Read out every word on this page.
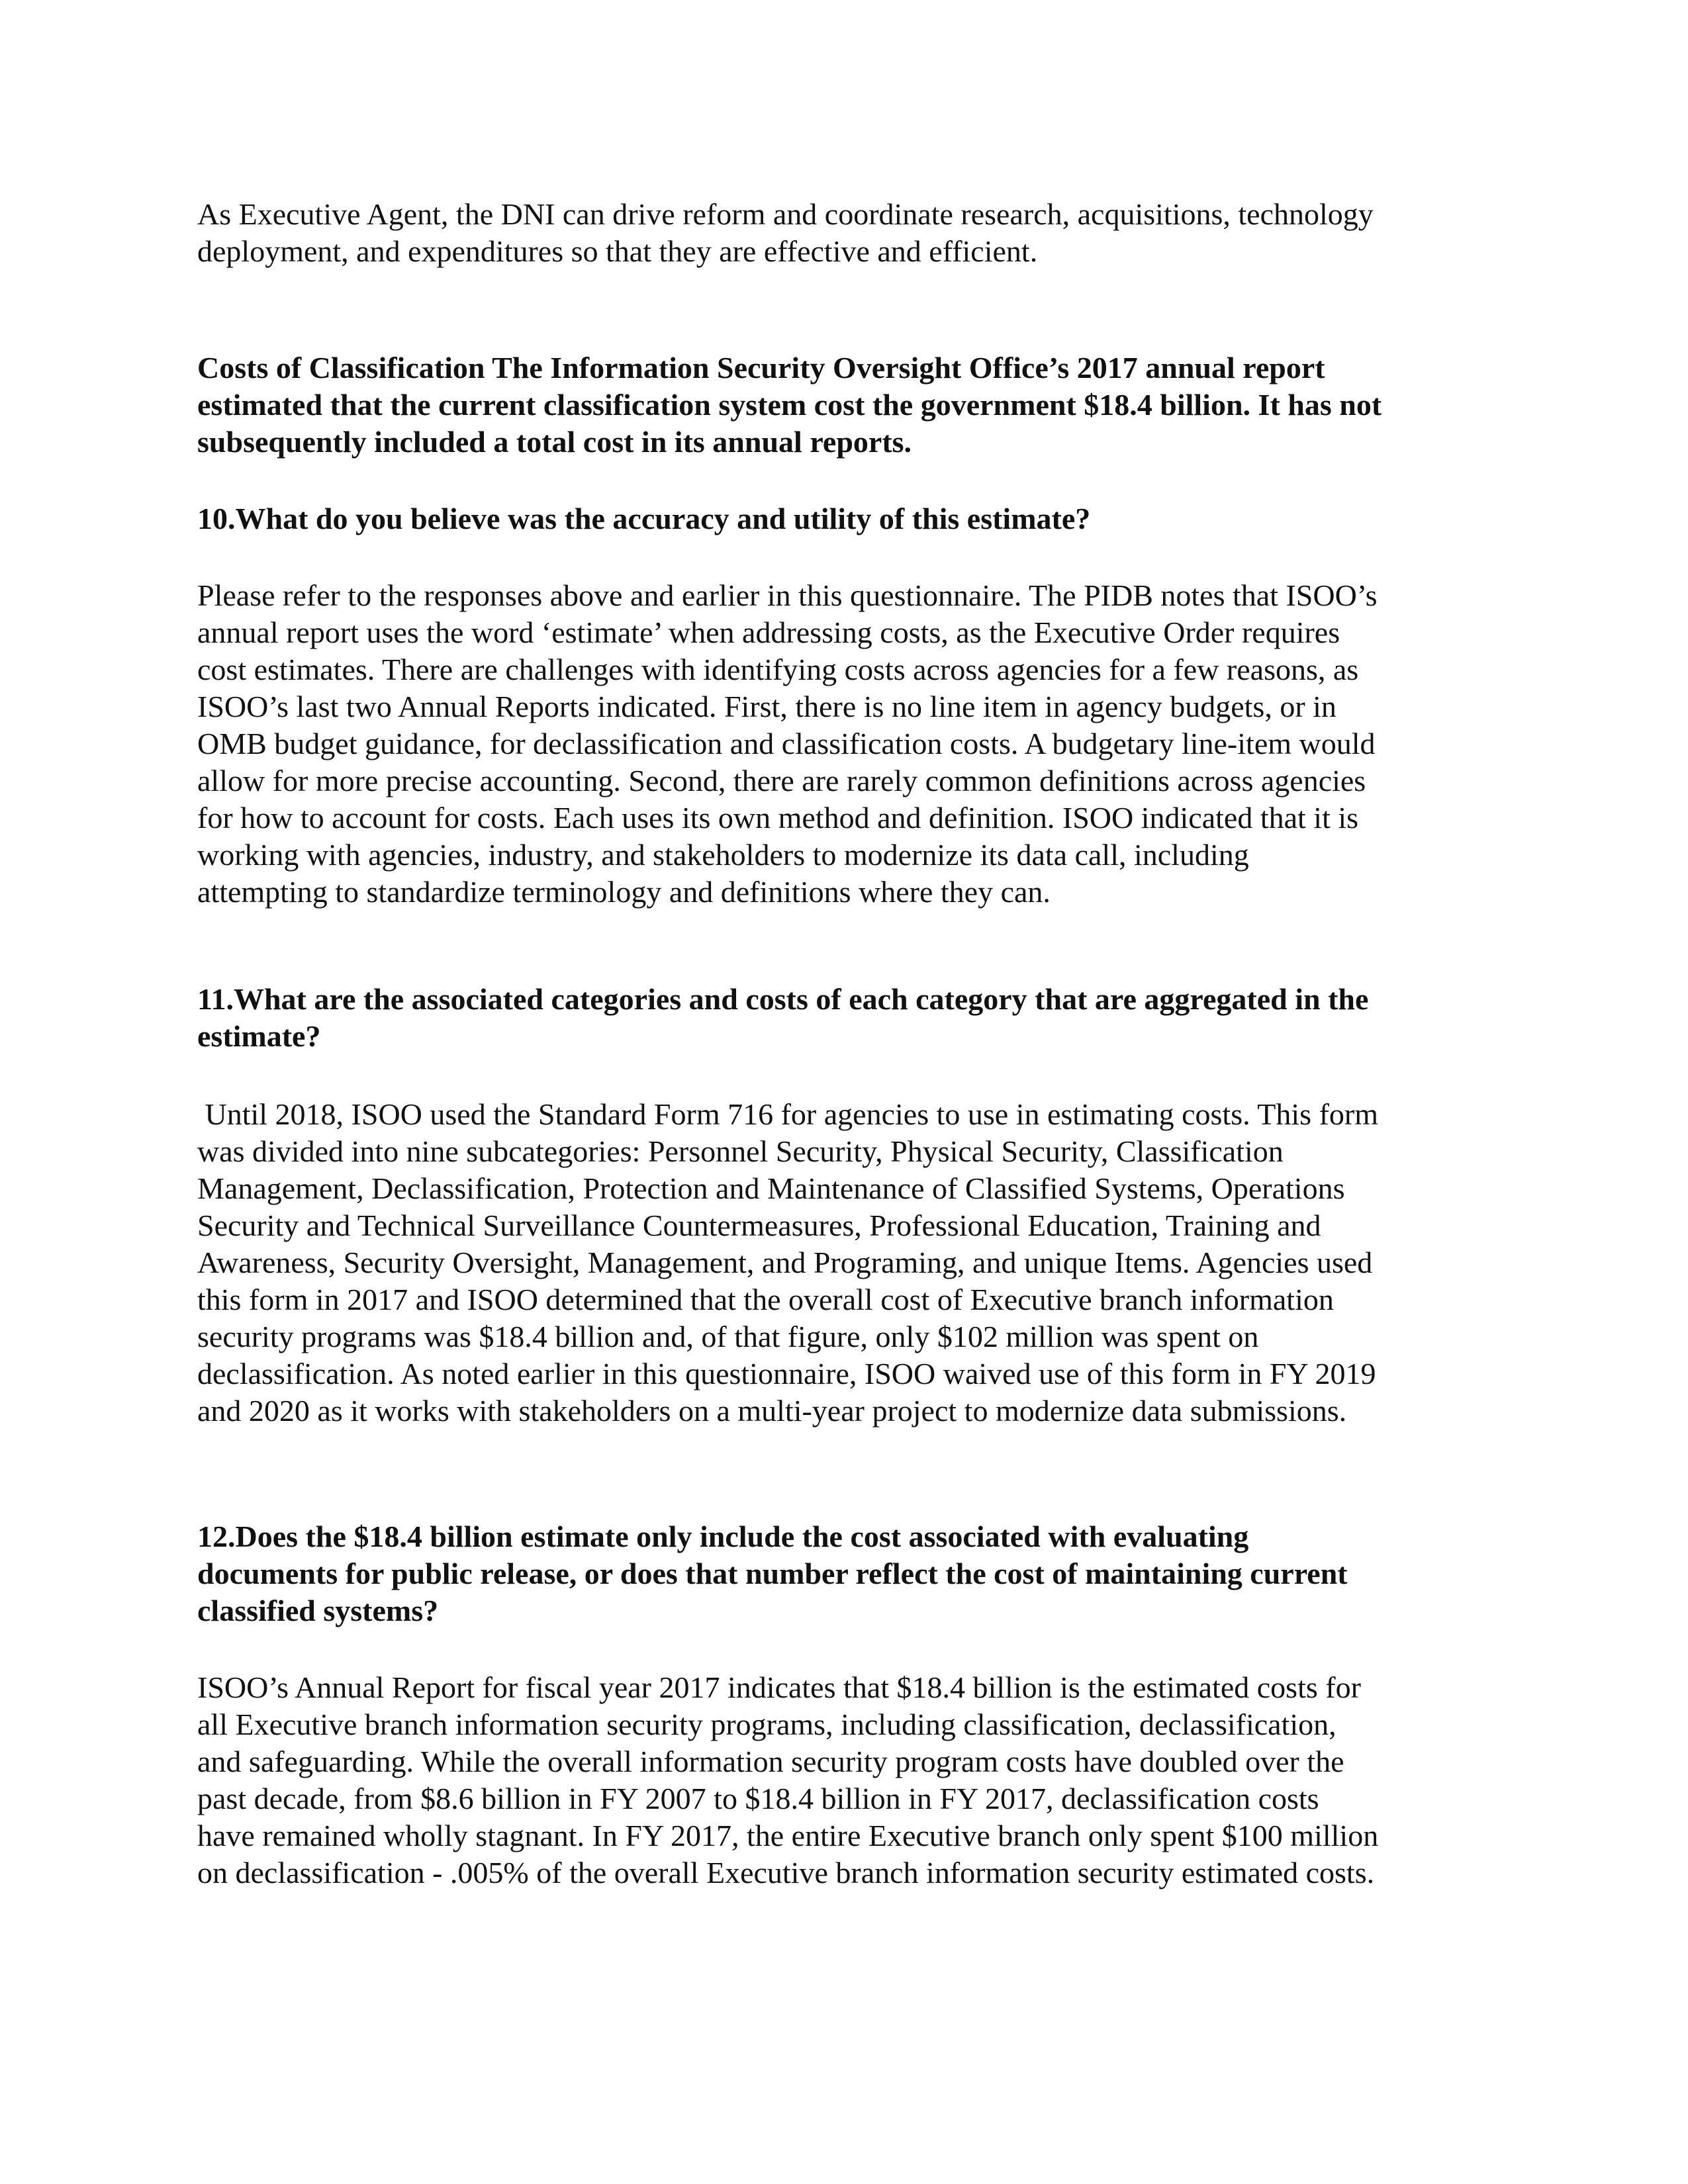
As Executive Agent, the DNI can drive reform and coordinate research, acquisitions, technology
deployment, and expenditures so that they are effective and efficient.

Costs of Classification The Information Security Oversight Office’s 2017 annual report
estimated that the current classification system cost the government $18.4 billion. It has not
subsequently included a total cost in its annual reports.

10.What do you believe was the accuracy and utility of this estimate?

Please refer to the responses above and earlier in this questionnaire. The PIDB notes that ISOO’s
annual report uses the word ‘estimate’ when addressing costs, as the Executive Order requires
cost estimates. There are challenges with identifying costs across agencies for a few reasons, as
ISOO’s last two Annual Reports indicated. First, there is no line item in agency budgets, or in
OMB budget guidance, for declassification and classification costs. A budgetary line-item would
allow for more precise accounting. Second, there are rarely common definitions across agencies
for how to account for costs. Each uses its own method and definition. ISOO indicated that it is
working with agencies, industry, and stakeholders to modernize its data call, including
attempting to standardize terminology and definitions where they can.

11.What are the associated categories and costs of each category that are aggregated in the
estimate?

Until 2018, ISOO used the Standard Form 716 for agencies to use in estimating costs. This form
was divided into nine subcategories: Personnel Security, Physical Security, Classification
Management, Declassification, Protection and Maintenance of Classified Systems, Operations
Security and Technical Surveillance Countermeasures, Professional Education, Training and
Awareness, Security Oversight, Management, and Programing, and unique Items. Agencies used
this form in 2017 and ISOO determined that the overall cost of Executive branch information
security programs was $18.4 billion and, of that figure, only $102 million was spent on
declassification. As noted earlier in this questionnaire, ISOO waived use of this form in FY 2019
and 2020 as it works with stakeholders on a multi-year project to modernize data submissions.

12.Does the $18.4 billion estimate only include the cost associated with evaluating
documents for public release, or does that number reflect the cost of maintaining current
classified systems?

ISOO’s Annual Report for fiscal year 2017 indicates that $18.4 billion is the estimated costs for
all Executive branch information security programs, including classification, declassification,
and safeguarding. While the overall information security program costs have doubled over the
past decade, from $8.6 billion in FY 2007 to $18.4 billion in FY 2017, declassification costs
have remained wholly stagnant. In FY 2017, the entire Executive branch only spent $100 million
on declassification - .005% of the overall Executive branch information security estimated costs.
